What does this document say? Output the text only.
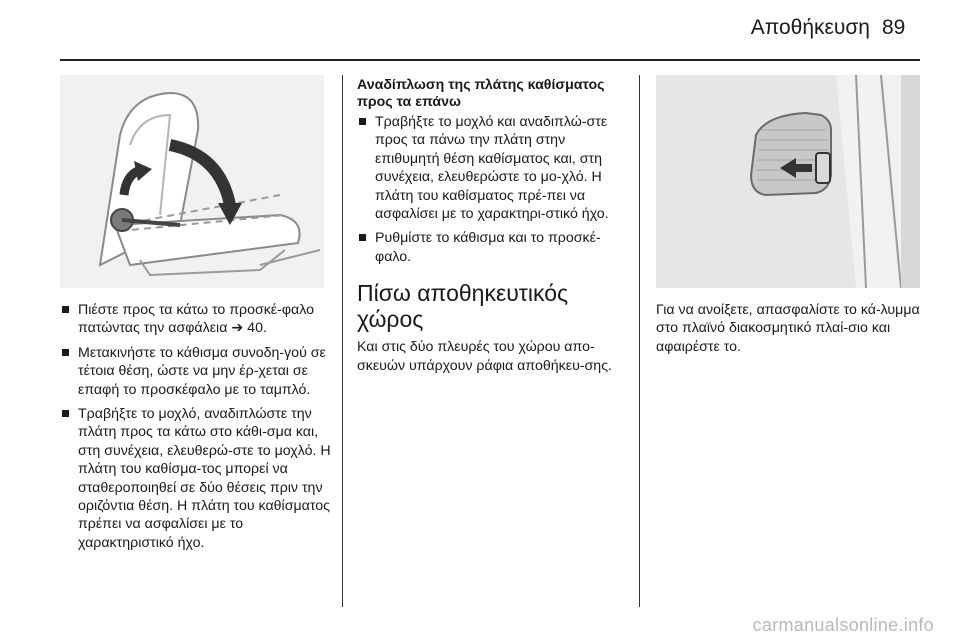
Αποθήκευση 89
Πιέστε προς τα κάτω το προσκέ-φαλο πατώντας την ασφάλεια ➔ 40.
Μετακινήστε το κάθισμα συνοδη-γού σε τέτοια θέση, ώστε να μην έρ-χεται σε επαφή το προσκέφαλο με το ταμπλό.
Τραβήξτε το μοχλό, αναδιπλώστε την πλάτη προς τα κάτω στο κάθι-σμα και, στη συνέχεια, ελευθερώ-στε το μοχλό. Η πλάτη του καθίσμα-τος μπορεί να σταθεροποιηθεί σε δύο θέσεις πριν την οριζόντια θέση. Η πλάτη του καθίσματος πρέπει να ασφαλίσει με το χαρακτηριστικό ήχο.
Αναδίπλωση της πλάτης καθίσματος προς τα επάνω
Τραβήξτε το μοχλό και αναδιπλώ-στε προς τα πάνω την πλάτη στην επιθυμητή θέση καθίσματος και, στη συνέχεια, ελευθερώστε το μο-χλό. Η πλάτη του καθίσματος πρέ-πει να ασφαλίσει με το χαρακτηρι-στικό ήχο.
Ρυθμίστε το κάθισμα και το προσκέ-φαλο.
Πίσω αποθηκευτικός χώρος

Και στις δύο πλευρές του χώρου απο-σκευών υπάρχουν ράφια αποθήκευ-σης.

Για να ανοίξετε, απασφαλίστε το κά-λυμμα στο πλαϊνό διακοσμητικό πλαί-σιο και αφαιρέστε το.

carmanualsonline.info
